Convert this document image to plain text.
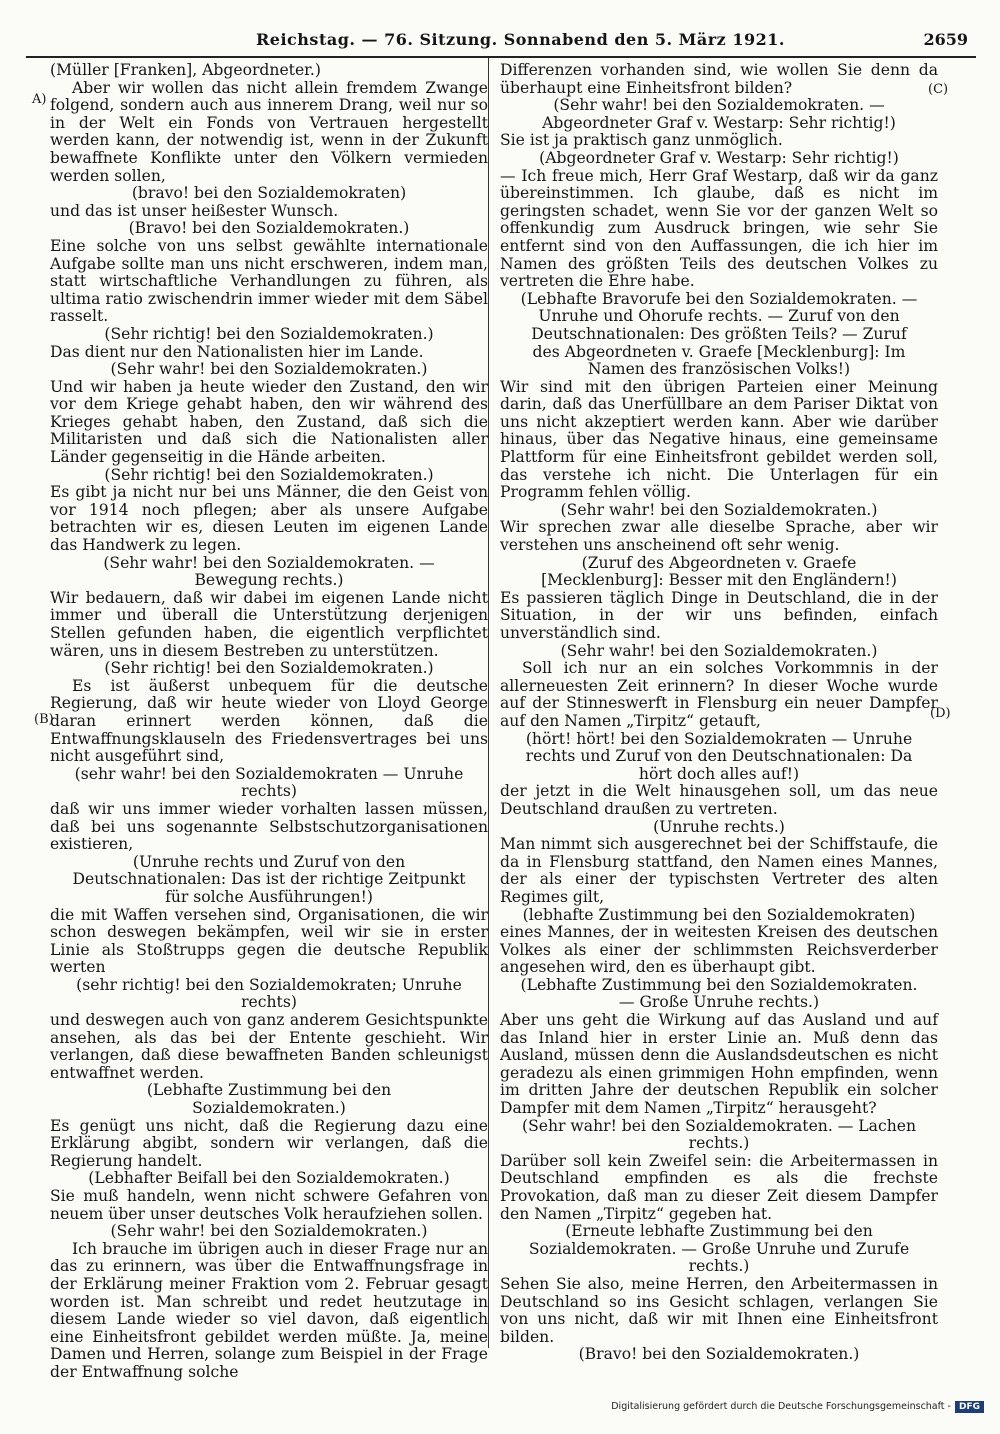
Reichstag. — 76. Sitzung. Sonnabend den 5. März 1921.	2659
A)
(B)
(C)
(D)

(Müller [Franken], Abgeordneter.)

Aber wir wollen das nicht allein fremdem Zwange folgend, sondern auch aus innerem Drang, weil nur so in der Welt ein Fonds von Vertrauen hergestellt werden kann, der notwendig ist, wenn in der Zukunft bewaffnete Konflikte unter den Völkern vermieden werden sollen,

(bravo! bei den Sozialdemokraten)

und das ist unser heißester Wunsch.

(Bravo! bei den Sozialdemokraten.)

Eine solche von uns selbst gewählte internationale Aufgabe sollte man uns nicht erschweren, indem man, statt wirtschaftliche Verhandlungen zu führen, als ultima ratio zwischendrin immer wieder mit dem Säbel rasselt.

(Sehr richtig! bei den Sozialdemokraten.)

Das dient nur den Nationalisten hier im Lande.

(Sehr wahr! bei den Sozialdemokraten.)

Und wir haben ja heute wieder den Zustand, den wir vor dem Kriege gehabt haben, den wir während des Krieges gehabt haben, den Zustand, daß sich die Militaristen und daß sich die Nationalisten aller Länder gegenseitig in die Hände arbeiten.

(Sehr richtig! bei den Sozialdemokraten.)

Es gibt ja nicht nur bei uns Männer, die den Geist von vor 1914 noch pflegen; aber als unsere Aufgabe betrachten wir es, diesen Leuten im eigenen Lande das Handwerk zu legen.

(Sehr wahr! bei den Sozialdemokraten. — Bewegung rechts.)

Wir bedauern, daß wir dabei im eigenen Lande nicht immer und überall die Unterstützung derjenigen Stellen gefunden haben, die eigentlich verpflichtet wären, uns in diesem Bestreben zu unterstützen.

(Sehr richtig! bei den Sozialdemokraten.)

Es ist äußerst unbequem für die deutsche Regierung, daß wir heute wieder von Lloyd George daran erinnert werden können, daß die Entwaffnungsklauseln des Friedensvertrages bei uns nicht ausgeführt sind,

(sehr wahr! bei den Sozialdemokraten — Unruhe rechts)

daß wir uns immer wieder vorhalten lassen müssen, daß bei uns sogenannte Selbstschutzorganisationen existieren,

(Unruhe rechts und Zuruf von den Deutschnationalen: Das ist der richtige Zeitpunkt für solche Ausführungen!)

die mit Waffen versehen sind, Organisationen, die wir schon deswegen bekämpfen, weil wir sie in erster Linie als Stoßtrupps gegen die deutsche Republik werten

(sehr richtig! bei den Sozialdemokraten; Unruhe rechts)

und deswegen auch von ganz anderem Gesichtspunkte ansehen, als das bei der Entente geschieht. Wir verlangen, daß diese bewaffneten Banden schleunigst entwaffnet werden.

(Lebhafte Zustimmung bei den Sozialdemokraten.)

Es genügt uns nicht, daß die Regierung dazu eine Erklärung abgibt, sondern wir verlangen, daß die Regierung handelt.

(Lebhafter Beifall bei den Sozialdemokraten.)

Sie muß handeln, wenn nicht schwere Gefahren von neuem über unser deutsches Volk heraufziehen sollen.

(Sehr wahr! bei den Sozialdemokraten.)

Ich brauche im übrigen auch in dieser Frage nur an das zu erinnern, was über die Entwaffnungsfrage in der Erklärung meiner Fraktion vom 2. Februar gesagt worden ist. Man schreibt und redet heutzutage in diesem Lande wieder so viel davon, daß eigentlich eine Einheitsfront gebildet werden müßte. Ja, meine Damen und Herren, solange zum Beispiel in der Frage der Entwaffnung solche

Differenzen vorhanden sind, wie wollen Sie denn da überhaupt eine Einheitsfront bilden?

(Sehr wahr! bei den Sozialdemokraten. — Abgeordneter Graf v. Westarp: Sehr richtig!)

Sie ist ja praktisch ganz unmöglich.

(Abgeordneter Graf v. Westarp: Sehr richtig!)

— Ich freue mich, Herr Graf Westarp, daß wir da ganz übereinstimmen. Ich glaube, daß es nicht im geringsten schadet, wenn Sie vor der ganzen Welt so offenkundig zum Ausdruck bringen, wie sehr Sie entfernt sind von den Auffassungen, die ich hier im Namen des größten Teils des deutschen Volkes zu vertreten die Ehre habe.

(Lebhafte Bravorufe bei den Sozialdemokraten. — Unruhe und Ohorufe rechts. — Zuruf von den Deutschnationalen: Des größten Teils? — Zuruf des Abgeordneten v. Graefe [Mecklenburg]: Im Namen des französischen Volks!)

Wir sind mit den übrigen Parteien einer Meinung darin, daß das Unerfüllbare an dem Pariser Diktat von uns nicht akzeptiert werden kann. Aber wie darüber hinaus, über das Negative hinaus, eine gemeinsame Plattform für eine Einheitsfront gebildet werden soll, das verstehe ich nicht. Die Unterlagen für ein Programm fehlen völlig.

(Sehr wahr! bei den Sozialdemokraten.)

Wir sprechen zwar alle dieselbe Sprache, aber wir verstehen uns anscheinend oft sehr wenig.

(Zuruf des Abgeordneten v. Graefe [Mecklenburg]: Besser mit den Engländern!)

Es passieren täglich Dinge in Deutschland, die in der Situation, in der wir uns befinden, einfach unverständlich sind.

(Sehr wahr! bei den Sozialdemokraten.)

Soll ich nur an ein solches Vorkommnis in der allerneuesten Zeit erinnern? In dieser Woche wurde auf der Stinneswerft in Flensburg ein neuer Dampfer auf den Namen „Tirpitz“ getauft,

(hört! hört! bei den Sozialdemokraten — Unruhe rechts und Zuruf von den Deutschnationalen: Da hört doch alles auf!)

der jetzt in die Welt hinausgehen soll, um das neue Deutschland draußen zu vertreten.

(Unruhe rechts.)

Man nimmt sich ausgerechnet bei der Schiffstaufe, die da in Flensburg stattfand, den Namen eines Mannes, der als einer der typischsten Vertreter des alten Regimes gilt,

(lebhafte Zustimmung bei den Sozialdemokraten)

eines Mannes, der in weitesten Kreisen des deutschen Volkes als einer der schlimmsten Reichsverderber angesehen wird, den es überhaupt gibt.

(Lebhafte Zustimmung bei den Sozialdemokraten. — Große Unruhe rechts.)

Aber uns geht die Wirkung auf das Ausland und auf das Inland hier in erster Linie an. Muß denn das Ausland, müssen denn die Auslandsdeutschen es nicht geradezu als einen grimmigen Hohn empfinden, wenn im dritten Jahre der deutschen Republik ein solcher Dampfer mit dem Namen „Tirpitz“ herausgeht?

(Sehr wahr! bei den Sozialdemokraten. — Lachen rechts.)

Darüber soll kein Zweifel sein: die Arbeitermassen in Deutschland empfinden es als die frechste Provokation, daß man zu dieser Zeit diesem Dampfer den Namen „Tirpitz“ gegeben hat.

(Erneute lebhafte Zustimmung bei den Sozialdemokraten. — Große Unruhe und Zurufe rechts.)

Sehen Sie also, meine Herren, den Arbeitermassen in Deutschland so ins Gesicht schlagen, verlangen Sie von uns nicht, daß wir mit Ihnen eine Einheitsfront bilden.

(Bravo! bei den Sozialdemokraten.)

Digitalisierung gefördert durch die Deutsche Forschungsgemeinschaft - DFG
